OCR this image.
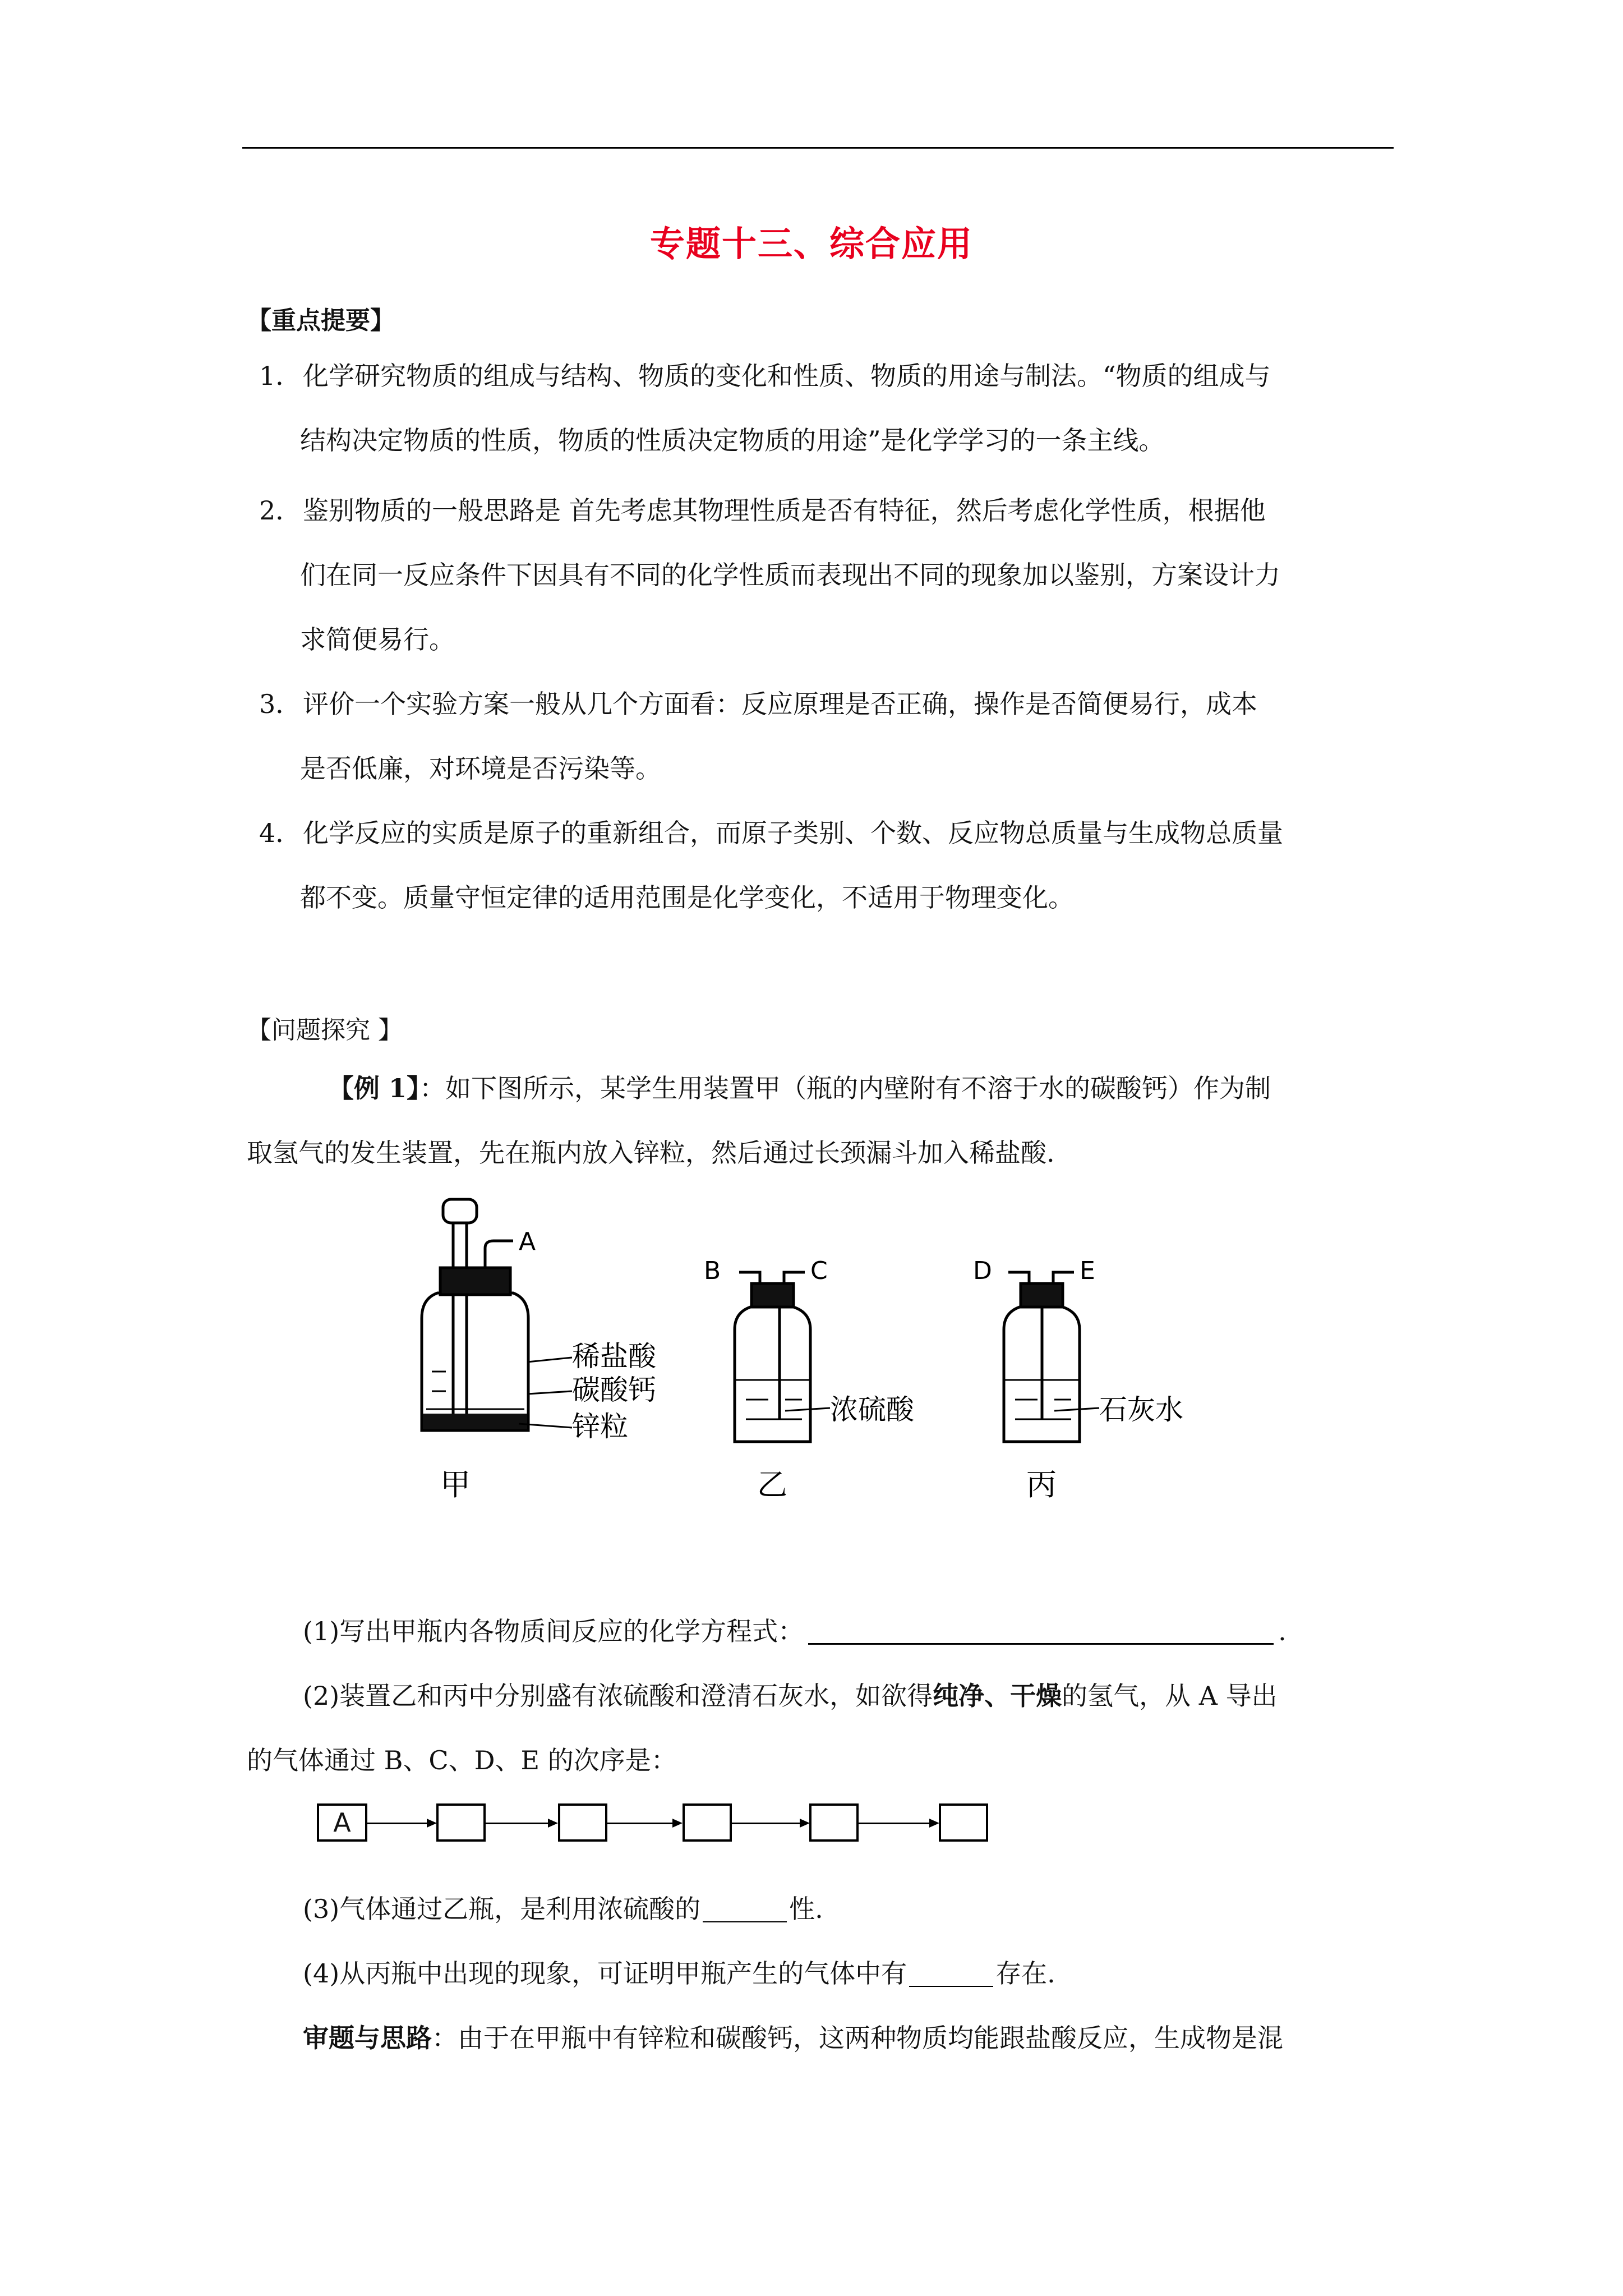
专题十三、综合应用
【重点提要】
1． 化学研究物质的组成与结构、物质的变化和性质、物质的用途与制法。“物质的组成与
结构决定物质的性质，物质的性质决定物质的用途”是化学学习的一条主线。
2． 鉴别物质的一般思路是 首先考虑其物理性质是否有特征，然后考虑化学性质，根据他
们在同一反应条件下因具有不同的化学性质而表现出不同的现象加以鉴别，方案设计力
求简便易行。
3． 评价一个实验方案一般从几个方面看：反应原理是否正确，操作是否简便易行，成本
是否低廉，对环境是否污染等。
4． 化学反应的实质是原子的重新组合，而原子类别、个数、反应物总质量与生成物总质量
都不变。质量守恒定律的适用范围是化学变化，不适用于物理变化。
【问题探究 】
【例 1】：如下图所示，某学生用装置甲（瓶的内壁附有不溶于水的碳酸钙）作为制
取氢气的发生装置，先在瓶内放入锌粒，然后通过长颈漏斗加入稀盐酸.
A
稀盐酸
碳酸钙
锌粒
甲
B	C
浓硫酸
乙
D	E
石灰水
丙
(1)写出甲瓶内各物质间反应的化学方程式：	.
(2)装置乙和丙中分别盛有浓硫酸和澄清石灰水，如欲得纯净、干燥的氢气，从 A 导出
的气体通过 B、C、D、E 的次序是：
A
(3)气体通过乙瓶，是利用浓硫酸的	性.
(4)从丙瓶中出现的现象，可证明甲瓶产生的气体中有	存在.
审题与思路：由于在甲瓶中有锌粒和碳酸钙，这两种物质均能跟盐酸反应，生成物是混
